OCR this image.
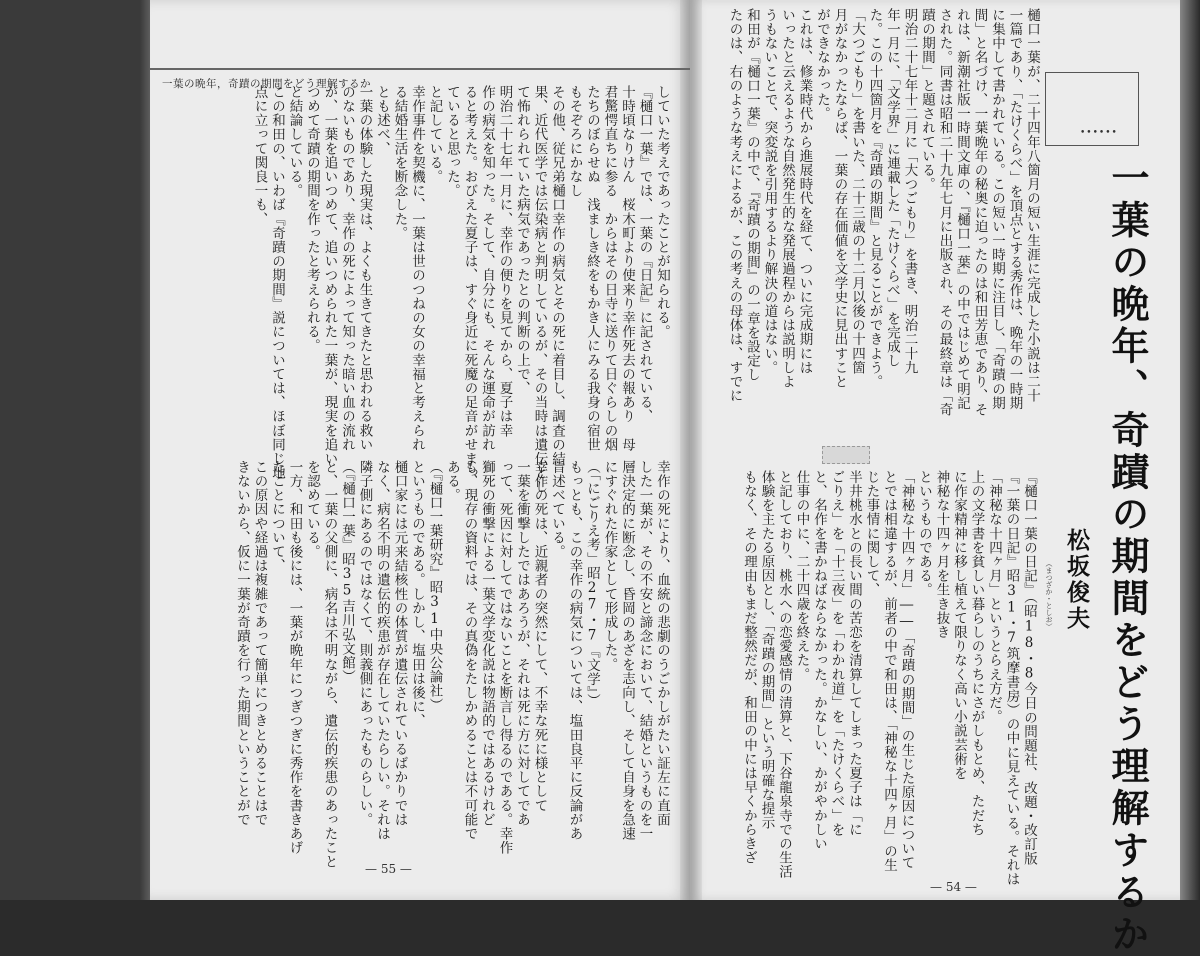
一葉の晩年，奇蹟の期間をどう理解するか
していた考えであったことが知られる。
『樋口一葉』では、一葉の『日記』に記されている、
十時頃なりけん　桜木町より使来り幸作死去の報あり　母
君驚愕直ちに参る　からはその日寺に送りて日ぐらしの烟
たちのぼらせぬ　浅ましき終をもかき人にみる我身の宿世
もそぞろにかなし
その他、従兄弟樋口幸作の病気とその死に着目し、調査の結
果、近代医学では伝染病と判明しているが、その当時は遺伝とし
て怖れられていた病気であったとの判断の上で、
明治二十七年一月に、幸作の便りを見てから、夏子は幸
作の病気を知った。そして、自分にも、そんな運命が訪れ
ると考えた。おびえた夏子は、すぐ身近に死魔の足音がせまっ
ていると思った。
と記している。
幸作事件を契機に、一葉は世のつねの女の幸福と考えられ
る結婚生活を断念した。
とも述べ、
一葉の体験した現実は、よくも生きてきたと思われる救い
のないものであり、幸作の死によって知った暗い血の流れ
が、一葉を追いつめて、追いつめられた一葉が、現実を追い
つめて奇蹟の期間を作ったと考えられる。
と結論している。
この和田の、いわば『奇蹟の期間』説については、ほぼ同じ地
点に立って関良一も、
幸作の死により、血統の悲劇のうごかしがたい証左に直面
した一葉が、その不安と諦念において、結婚というものを一
層決定的に断念し、昏岡のあざを志向し、そして自身を急速
にすぐれた作家として形成した。
（「にごりえ考」昭27・7『文学』）
もっとも、この幸作の病気については、塩田良平に反論があ
旨述べている。
幸作の死は、近親者の突然にして、不幸な死に様として
一葉を衝撃したではあろうが、それは死に方に対してであ
って、死因に対してではないことを断言し得るのである。幸作
獅死の衝撃による一葉文学変化説は物語的ではあるけれど
も、現存の資料では、その真偽をたしかめることは不可能で
ある。
（『樋口一葉研究』昭31中央公論社）
というものである。しかし、塩田は後に、
樋口家には元来結核性の体質が遺伝されているばかりでは
なく、病名不明の遺伝的疾患が存在していたらしい。それは
隣子側にあるのではなくて、則義側にあったものらしい。
（『樋口一葉』昭35吉川弘文館）
と、一葉の父側に、病名は不明ながら、遺伝的疾患のあったこと
を認めている。
一方、和田も後には、一葉が晩年につぎつぎに秀作を書きあげ
たことについて、
この原因や経過は複雑であって簡単につきとめることはで
きないから、仮に一葉が奇蹟を行った期間ということがで
— 55 —
••••••
一葉の晩年、奇蹟の期間をどう理解するか
松坂俊夫
（まつざか・としお）
樋口一葉が、二十四年八箇月の短い生涯に完成した小説は二十
一篇であり、「たけくらべ」を頂点とする秀作は、晩年の一時期
に集中して書かれている。この短い一時期に注目し、「奇蹟の期
間」と名づけ、一葉晩年の秘奥に迫ったのは和田芳恵であり、そ
れは、新潮社版一時間文庫の、『樋口一葉』の中ではじめて明記
された。同書は昭和二十九年七月に出版され、その最終章は「奇
蹟の期間」と題されている。
明治二十七年十二月に「大つごもり」を書き、明治二十九
年一月に、「文学界」に連載した「たけくらべ」を完成し
た。この十四箇月を『奇蹟の期間』と見ることができよう。
「大つごもり」を書いた、二十三歳の十二月以後の十四箇
月がなかったならば、一葉の存在価値を文学史に見出すこと
ができなかった。
これは、修業時代から進展時代を経て、ついに完成期には
いったと云えるような自然発生的な発展過程からは説明しよ
うもないことで、突変説を引用するより解決の道はない。
和田が『樋口一葉』の中で、『奇蹟の期間』の一章を設定し
たのは、右のような考えによるが、この考えの母体は、すでに
『樋口一葉の日記』（昭18・8今日の問題社、改題・改訂版
『一葉の日記』昭31・7筑摩書房）の中に見えている。それは
「神秘な十四ヶ月」というとらえ方だ。
上の文学書を貧しい暮らしのうちにさがしもとめ、ただち
に作家精神に移し植えて限りなく高い小説芸術を
神秘な十四ヶ月を生き抜き
というものである。
「神秘な十四ヶ月」――「奇蹟の期間」の生じた原因について
とでは相違するが、前者の中で和田は、「神秘な十四ヶ月」の生
じた事情に関して、
半井桃水との長い間の苦恋を清算してしまった夏子は「に
ごりえ」を「十三夜」を「わかれ道」を「たけくらべ」を
と、名作を書かねばならなかった。かなしい、かがやかしい
仕事の中に、二十四歳を終えた。
と記しており、桃水への恋愛感情の清算と、下谷龍泉寺での生活
体験を主たる原因とし、「奇蹟の期間」という明確な提示
もなく、その理由もまだ整然だが、和田の中には早くからきざ
— 54 —
